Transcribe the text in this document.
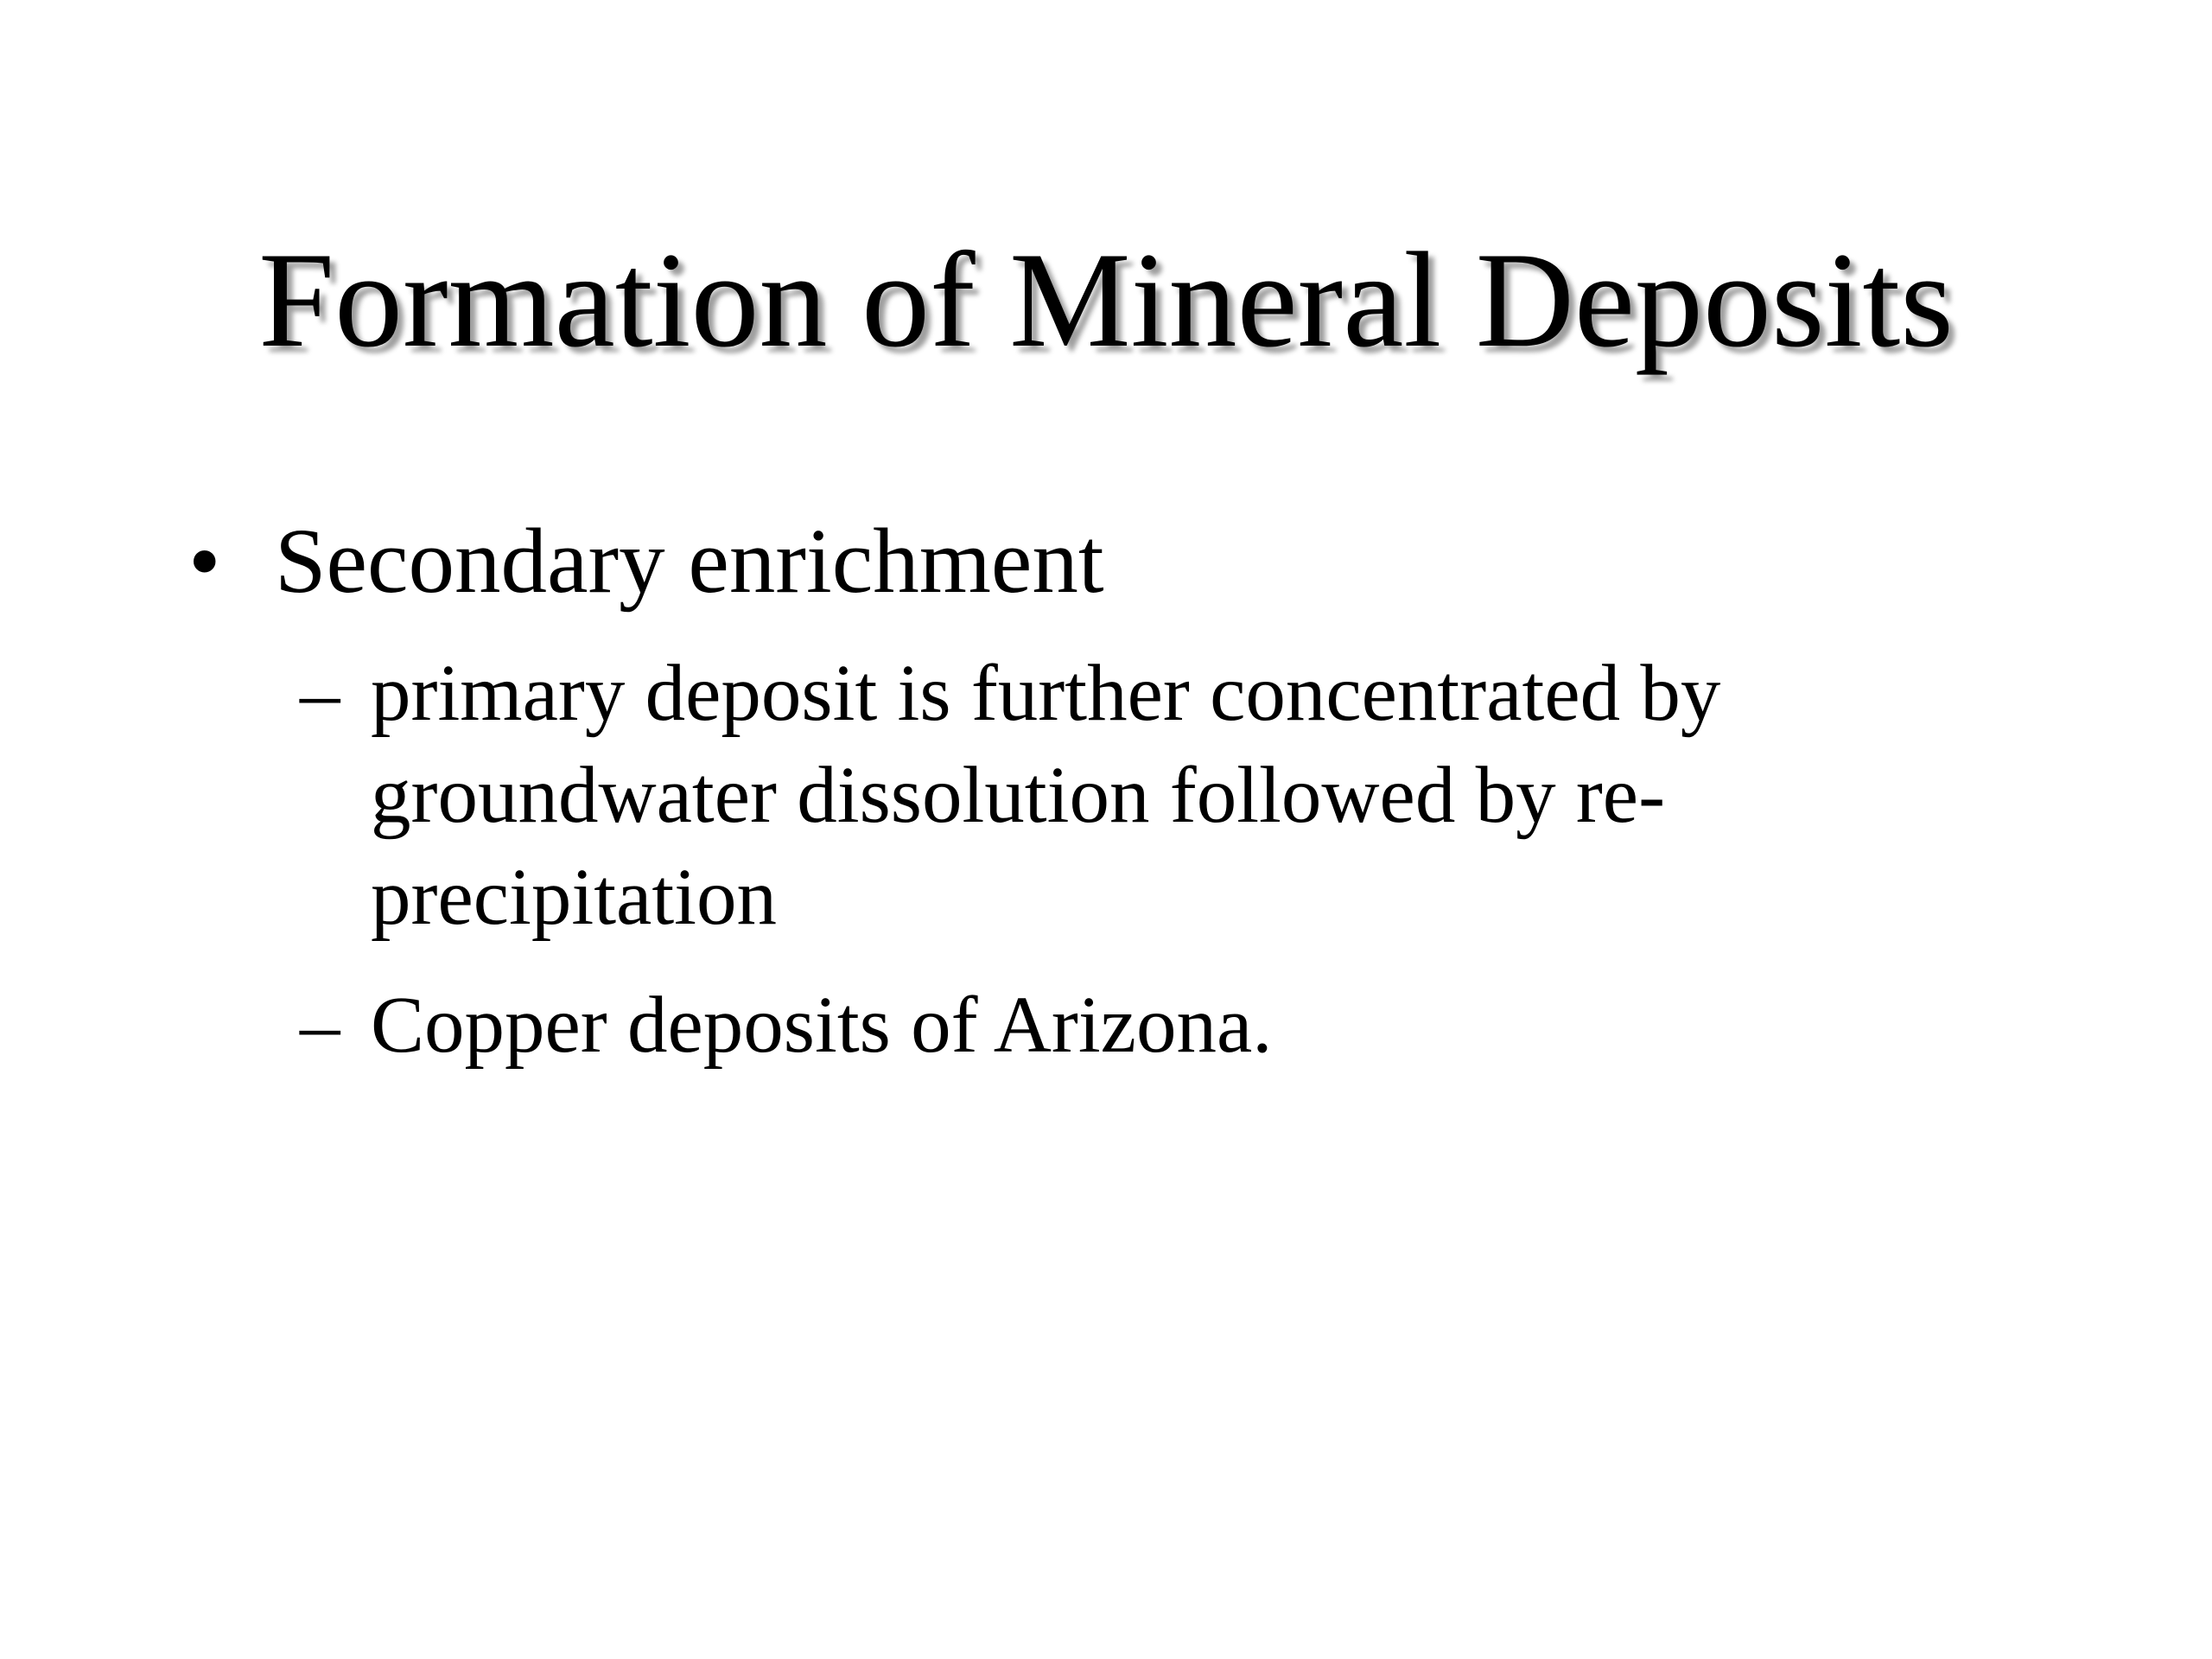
Formation of Mineral Deposits
• Secondary enrichment
– primary deposit is further concentrated by
groundwater dissolution followed by re-
precipitation
– Copper deposits of Arizona.
